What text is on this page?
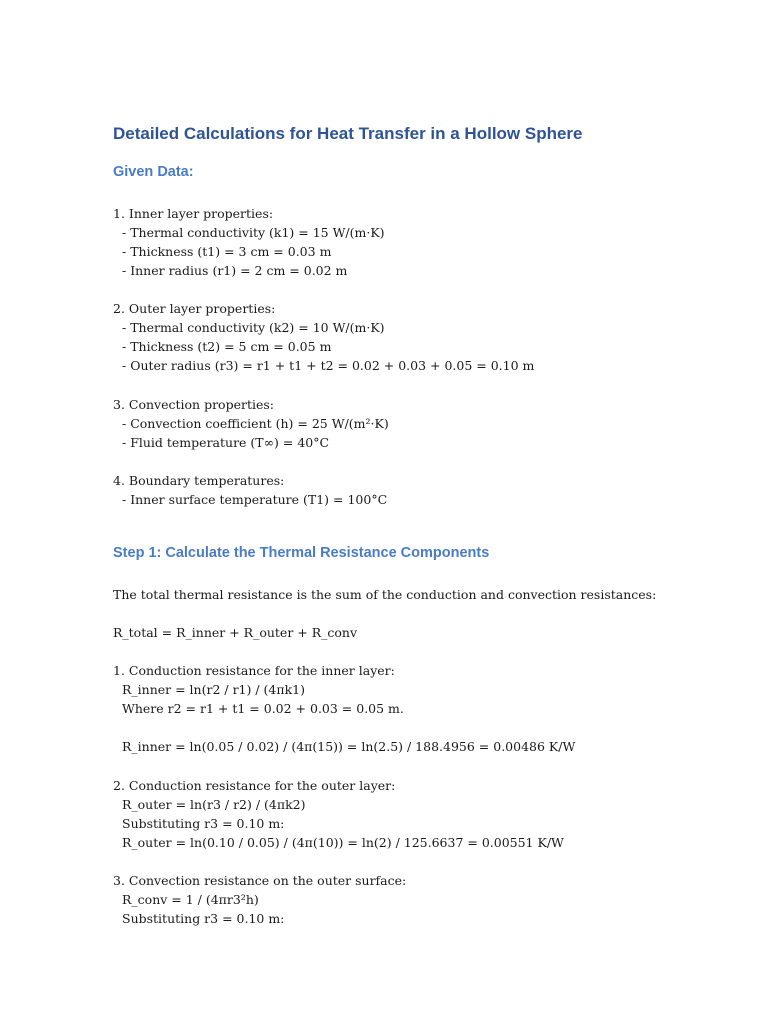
Detailed Calculations for Heat Transfer in a Hollow Sphere
Given Data:

1. Inner layer properties:

- Thermal conductivity (k1) = 15 W/(m·K)

- Thickness (t1) = 3 cm = 0.03 m

- Inner radius (r1) = 2 cm = 0.02 m

2. Outer layer properties:

- Thermal conductivity (k2) = 10 W/(m·K)

- Thickness (t2) = 5 cm = 0.05 m

- Outer radius (r3) = r1 + t1 + t2 = 0.02 + 0.03 + 0.05 = 0.10 m

3. Convection properties:

- Convection coefficient (h) = 25 W/(m²·K)

- Fluid temperature (T∞) = 40°C

4. Boundary temperatures:

- Inner surface temperature (T1) = 100°C

Step 1: Calculate the Thermal Resistance Components

The total thermal resistance is the sum of the conduction and convection resistances:

R_total = R_inner + R_outer + R_conv

1. Conduction resistance for the inner layer:

R_inner = ln(r2 / r1) / (4πk1)

Where r2 = r1 + t1 = 0.02 + 0.03 = 0.05 m.

R_inner = ln(0.05 / 0.02) / (4π(15)) = ln(2.5) / 188.4956 = 0.00486 K/W

2. Conduction resistance for the outer layer:

R_outer = ln(r3 / r2) / (4πk2)

Substituting r3 = 0.10 m:

R_outer = ln(0.10 / 0.05) / (4π(10)) = ln(2) / 125.6637 = 0.00551 K/W

3. Convection resistance on the outer surface:

R_conv = 1 / (4πr3²h)

Substituting r3 = 0.10 m:
